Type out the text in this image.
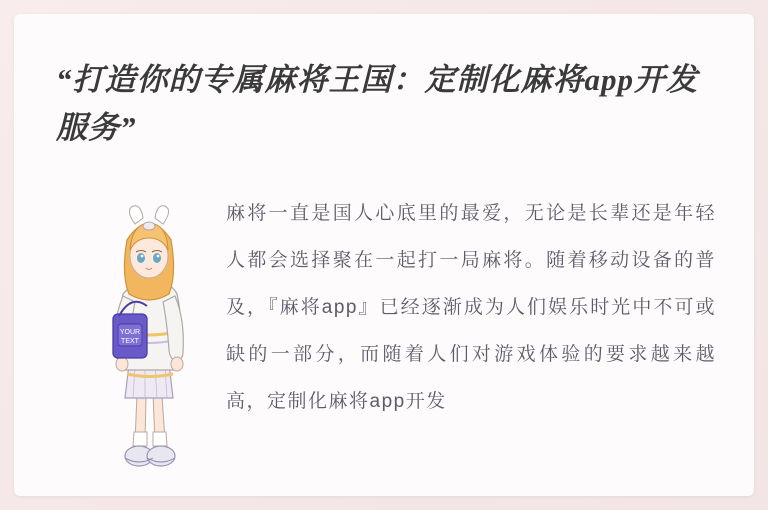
“打造你的专属麻将王国：定制化麻将app开发服务”
YOUR
TEXT
麻将一直是国人心底里的最爱，无论是长辈还是年轻人都会选择聚在一起打一局麻将。随着移动设备的普及，『麻将app』已经逐渐成为人们娱乐时光中不可或缺的一部分，而随着人们对游戏体验的要求越来越高，定制化麻将app开发
